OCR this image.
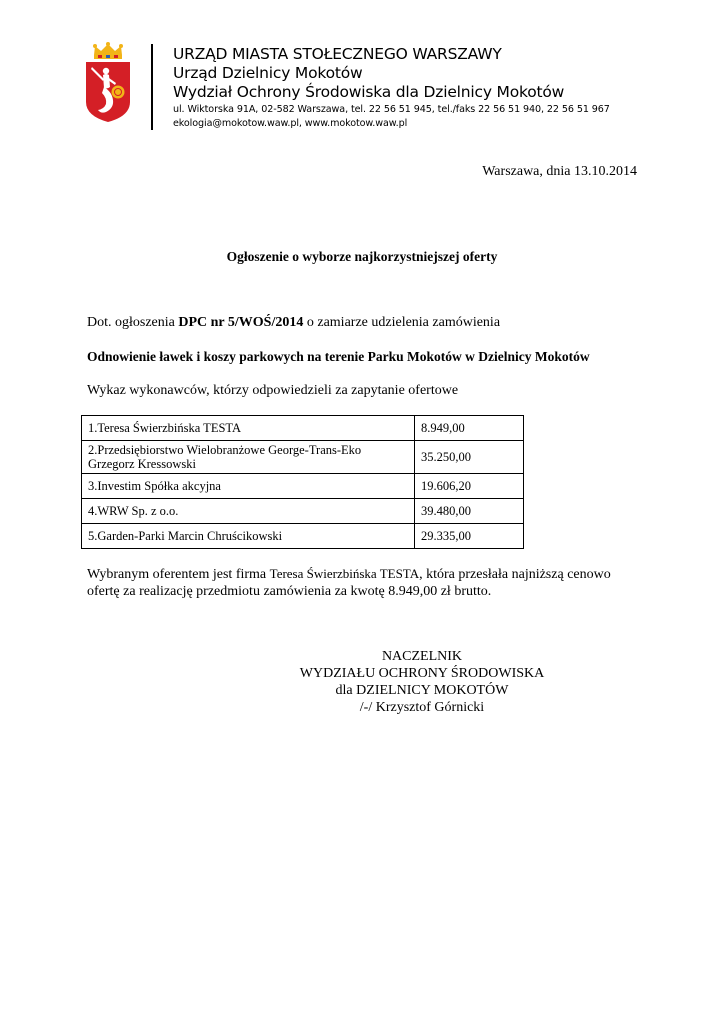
URZĄD MIASTA STOŁECZNEGO WARSZAWY
Urząd Dzielnicy Mokotów
Wydział Ochrony Środowiska dla Dzielnicy Mokotów
ul. Wiktorska 91A, 02-582 Warszawa, tel. 22 56 51 945, tel./faks 22 56 51 940, 22 56 51 967
ekologia@mokotow.waw.pl, www.mokotow.waw.pl
Warszawa, dnia 13.10.2014
Ogłoszenie o wyborze najkorzystniejszej oferty
Dot. ogłoszenia DPC nr 5/WOŚ/2014 o zamiarze udzielenia zamówienia
Odnowienie ławek i koszy parkowych na terenie Parku Mokotów w Dzielnicy Mokotów
Wykaz wykonawców, którzy odpowiedzieli za zapytanie ofertowe
1.Teresa Świerzbińska TESTA	8.949,00
2.Przedsiębiorstwo Wielobranżowe George-Trans-Eko
Grzegorz Kressowski	35.250,00
3.Investim Spółka akcyjna	19.606,20
4.WRW Sp. z o.o.	39.480,00
5.Garden-Parki Marcin Chruścikowski	29.335,00
Wybranym oferentem jest firma Teresa Świerzbińska TESTA, która przesłała najniższą cenowo
ofertę za realizację przedmiotu zamówienia za kwotę 8.949,00 zł brutto.
NACZELNIK
WYDZIAŁU OCHRONY ŚRODOWISKA
dla DZIELNICY MOKOTÓW
/-/ Krzysztof Górnicki
